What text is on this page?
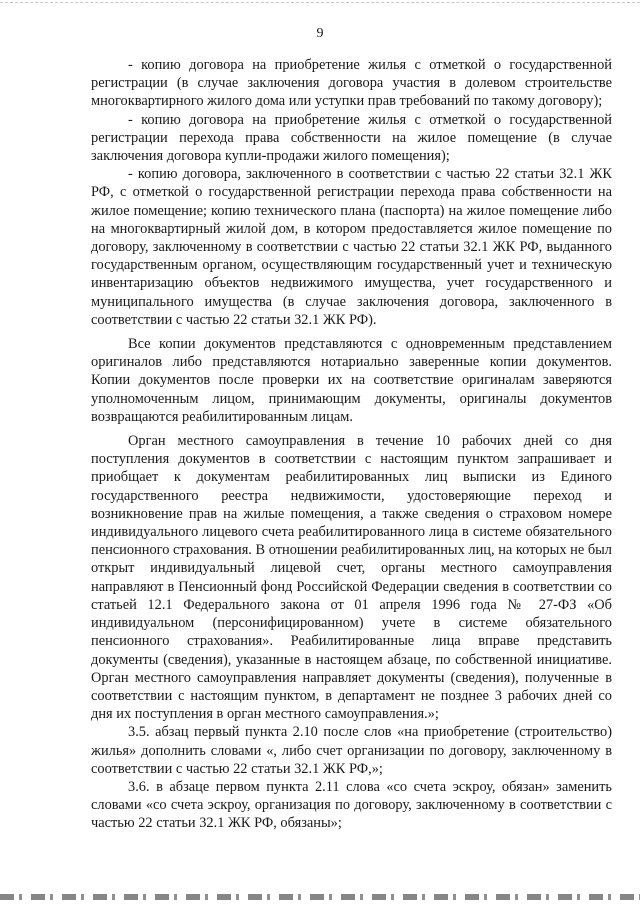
9

- копию договора на приобретение жилья с отметкой о государственной регистрации (в случае заключения договора участия в долевом строительстве многоквартирного жилого дома или уступки прав требований по такому договору);

- копию договора на приобретение жилья с отметкой о государственной регистрации перехода права собственности на жилое помещение (в случае заключения договора купли-продажи жилого помещения);

- копию договора, заключенного в соответствии с частью 22 статьи 32.1 ЖК РФ, с отметкой о государственной регистрации перехода права собственности на жилое помещение; копию технического плана (паспорта) на жилое помещение либо на многоквартирный жилой дом, в котором предоставляется жилое помещение по договору, заключенному в соответствии с частью 22 статьи 32.1 ЖК РФ, выданного государственным органом, осуществляющим государственный учет и техническую инвентаризацию объектов недвижимого имущества, учет государственного и муниципального имущества (в случае заключения договора, заключенного в соответствии с частью 22 статьи 32.1 ЖК РФ).

Все копии документов представляются с одновременным представлением оригиналов либо представляются нотариально заверенные копии документов. Копии документов после проверки их на соответствие оригиналам заверяются уполномоченным лицом, принимающим документы, оригиналы документов возвращаются реабилитированным лицам.

Орган местного самоуправления в течение 10 рабочих дней со дня поступления документов в соответствии с настоящим пунктом запрашивает и приобщает к документам реабилитированных лиц выписки из Единого государственного реестра недвижимости, удостоверяющие переход и возникновение прав на жилые помещения, а также сведения о страховом номере индивидуального лицевого счета реабилитированного лица в системе обязательного пенсионного страхования. В отношении реабилитированных лиц, на которых не был открыт индивидуальный лицевой счет, органы местного самоуправления направляют в Пенсионный фонд Российской Федерации сведения в соответствии со статьей 12.1 Федерального закона от 01 апреля 1996 года № 27-ФЗ «Об индивидуальном (персонифицированном) учете в системе обязательного пенсионного страхования». Реабилитированные лица вправе представить документы (сведения), указанные в настоящем абзаце, по собственной инициативе. Орган местного самоуправления направляет документы (сведения), полученные в соответствии с настоящим пунктом, в департамент не позднее 3 рабочих дней со дня их поступления в орган местного самоуправления.»;

3.5. абзац первый пункта 2.10 после слов «на приобретение (строительство) жилья» дополнить словами «, либо счет организации по договору, заключенному в соответствии с частью 22 статьи 32.1 ЖК РФ,»;

3.6. в абзаце первом пункта 2.11 слова «со счета эскроу, обязан» заменить словами «со счета эскроу, организация по договору, заключенному в соответствии с частью 22 статьи 32.1 ЖК РФ, обязаны»;
